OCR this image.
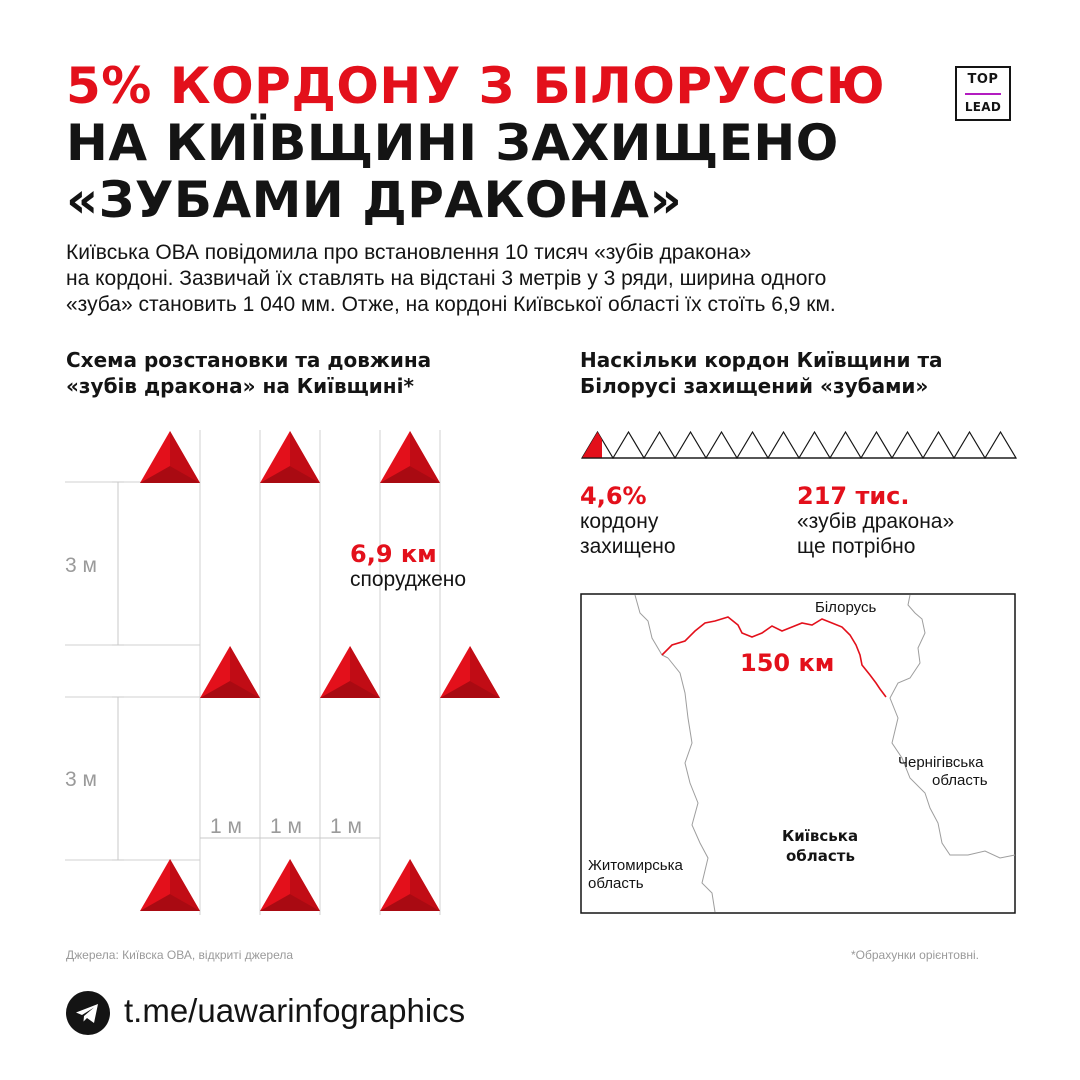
5% КОРДОНУ З БІЛОРУССЮ
НА КИЇВЩИНІ ЗАХИЩЕНО
«ЗУБАМИ ДРАКОНА»
TOP
LEAD
Київська ОВА повідомила про встановлення 10 тисяч «зубів дракона»
на кордоні. Зазвичай їх ставлять на відстані 3 метрів у 3 ряди, ширина одного
«зуба» становить 1 040 мм. Отже, на кордоні Київської області їх стоїть 6,9 км.
Схема розстановки та довжина
«зубів дракона» на Київщині*
Наскільки кордон Київщини та
Білорусі захищений «зубами»
3 м
3 м
1 м 1 м 1 м
6,9 км
споруджено
4,6%
кордону
захищено
217 тис.
«зубів дракона»
ще потрібно
Білорусь
150 км
Чернігівська
область
Київська
область
Житомирська
область
Джерела: Київска ОВА, відкриті джерела	*Обрахунки орієнтовні.
t.me/uawarinfographics
